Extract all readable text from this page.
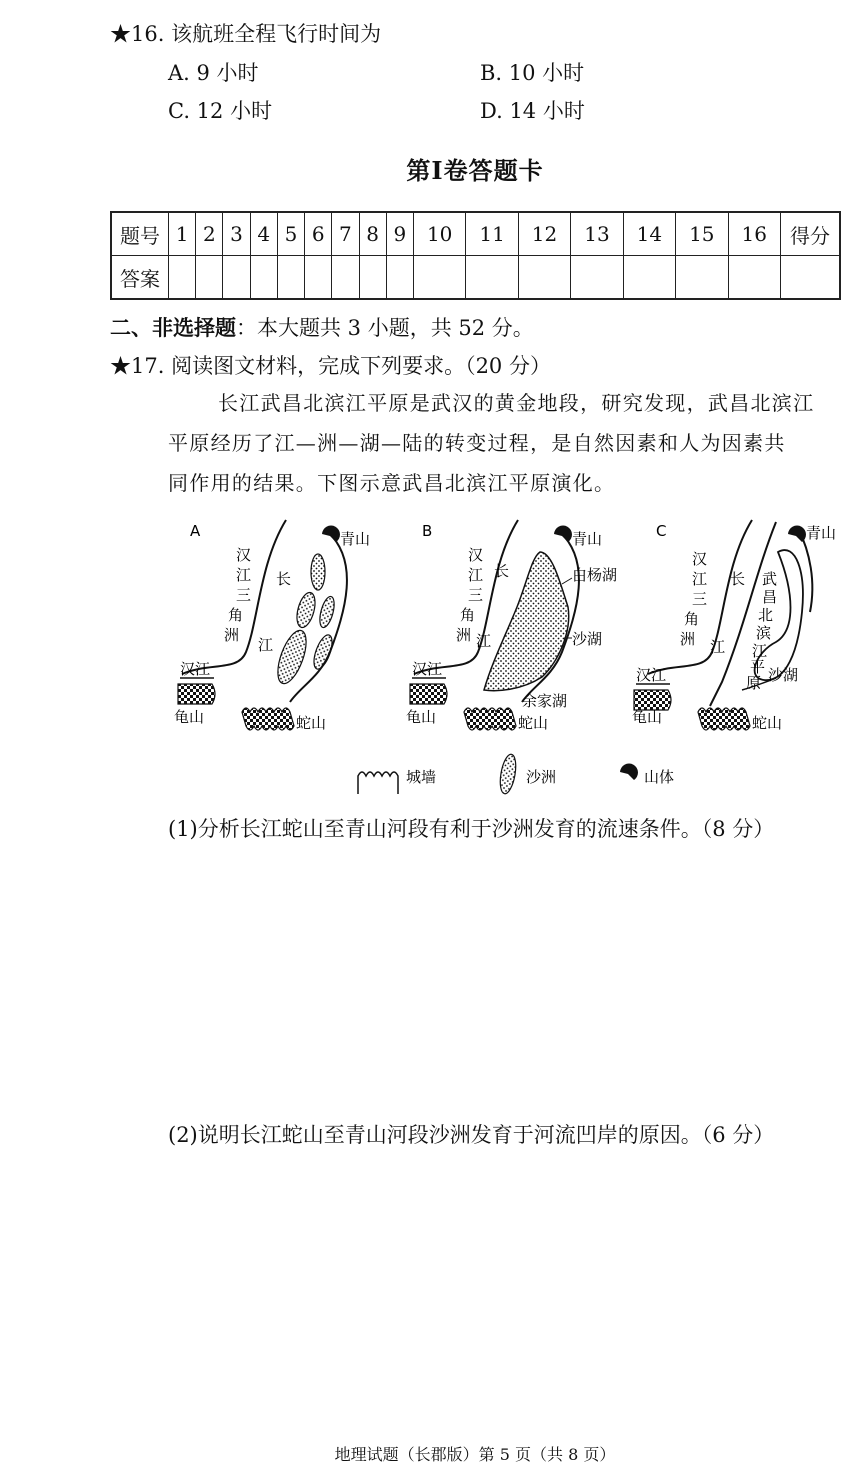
★16. 该航班全程飞行时间为
A. 9 小时	B. 10 小时
C. 12 小时	D. 14 小时
第Ⅰ卷答题卡
题号	1	2	3	4	5	6	7	8	9	10	11	12	13	14	15	16	得分
答案																	
二、非选择题：本大题共 3 小题，共 52 分。
★17. 阅读图文材料，完成下列要求。（20 分）
长江武昌北滨江平原是武汉的黄金地段，研究发现，武昌北滨江
平原经历了江—洲—湖—陆的转变过程，是自然因素和人为因素共
同作用的结果。下图示意武昌北滨江平原演化。
A	青山
汉江三角洲
长
江
汉江
龟山	蛇山
B	青山
白杨湖
沙湖
余家湖
汉江三角洲
长
江
汉江
龟山	蛇山
C	青山
汉江三角洲
长
江
武昌北滨江平原 沙湖
汉江
龟山	蛇山
城墙	沙洲	山体
(1)分析长江蛇山至青山河段有利于沙洲发育的流速条件。（8 分）
(2)说明长江蛇山至青山河段沙洲发育于河流凹岸的原因。（6 分）
地理试题（长郡版）第 5 页（共 8 页）
